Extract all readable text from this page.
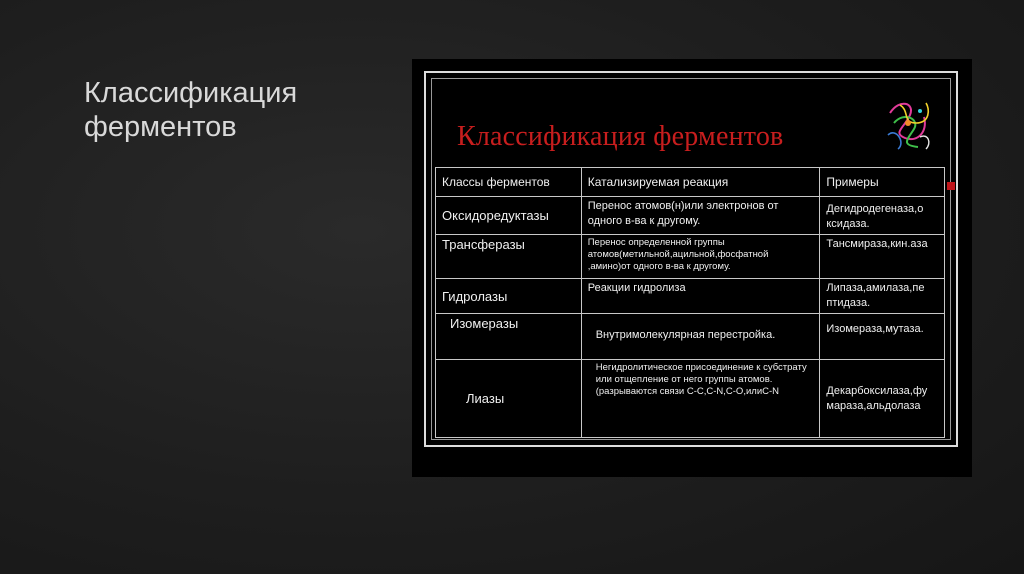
Классификация
ферментов	Классификация ферментов
Классы ферментов	Катализируемая реакция	Примеры
Оксидоредуктазы	Перенос атомов(н)или электронов от одного в-ва к другому.	Дегидродегеназа,о ксидаза.
Трансферазы	Перенос определенной группы атомов(метильной,ацильной,фосфатной ,амино)от одного в-ва к другому.	Тансмираза,кин.аза
Гидролазы	Реакции гидролиза	Липаза,амилаза,пе птидаза.
Изомеразы	Внутримолекулярная перестройка.	Изомераза,мутаза.
Лиазы	Негидролитическое присоединение к субстрату или отщепление от него группы атомов.(разрываются связи С-С,С-N,С-О,илиС-N	Декарбоксилаза,фу мараза,альдолаза
